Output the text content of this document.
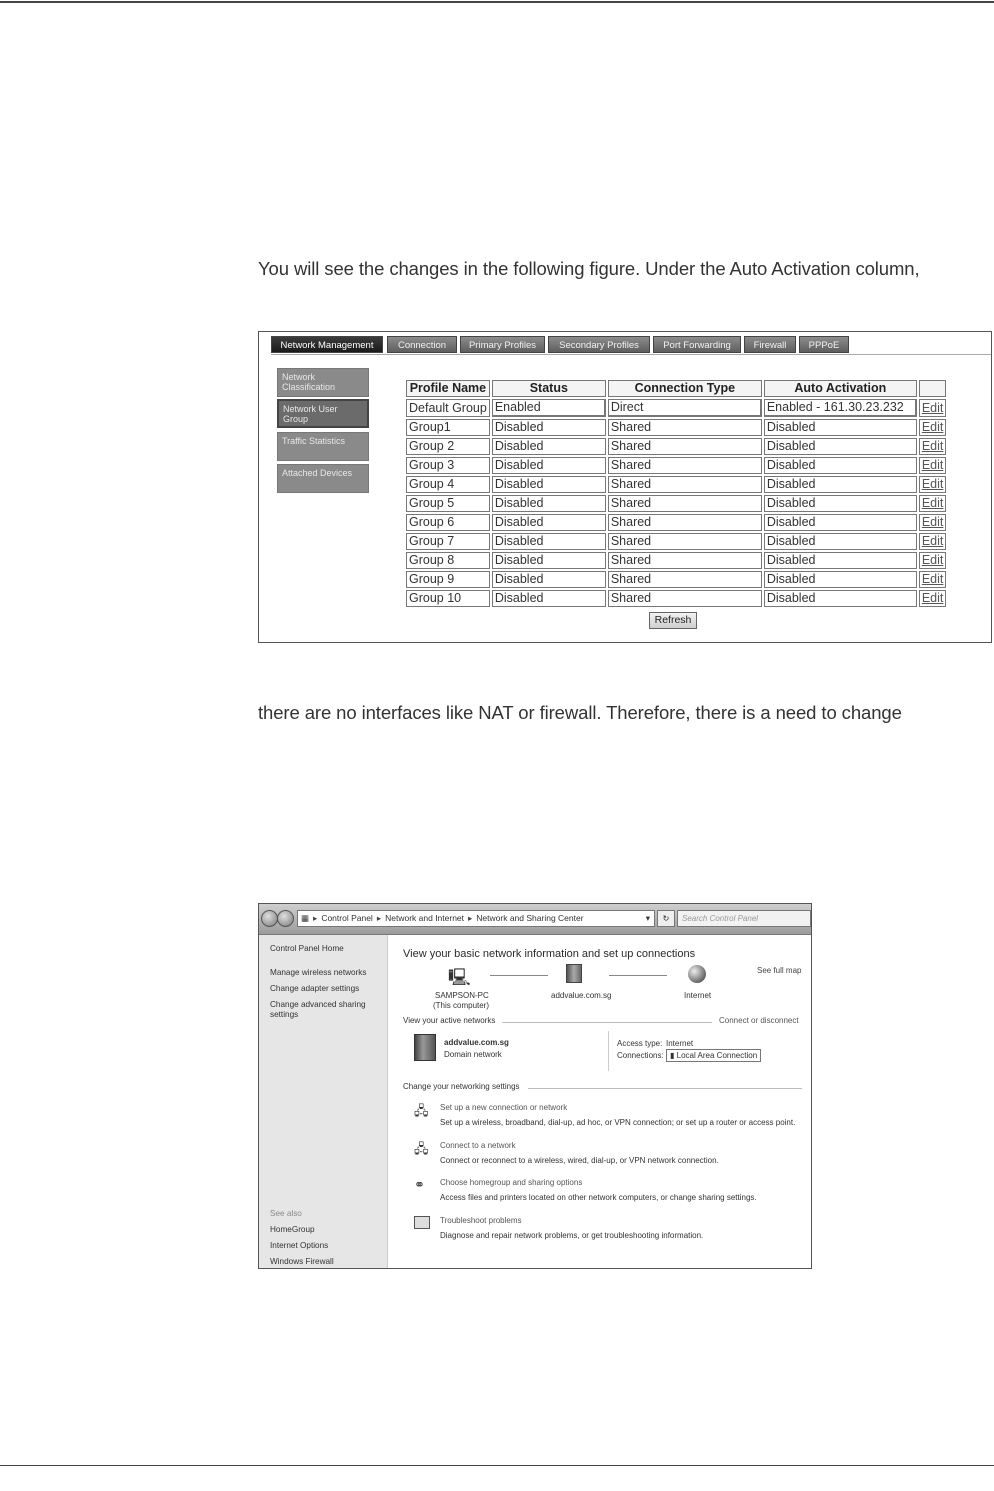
You will see the changes in the following figure. Under the Auto Activation column,
Network Management	Connection	Primary Profiles	Secondary Profiles	Port Forwarding	Firewall	PPPoE
Network Classification
Network User Group
Traffic Statistics
Attached Devices
Profile Name	Status	Connection Type	Auto Activation	
Default Group	Enabled	Direct	Enabled - 161.30.23.232	Edit
Group1	Disabled	Shared	Disabled	Edit
Group 2	Disabled	Shared	Disabled	Edit
Group 3	Disabled	Shared	Disabled	Edit
Group 4	Disabled	Shared	Disabled	Edit
Group 5	Disabled	Shared	Disabled	Edit
Group 6	Disabled	Shared	Disabled	Edit
Group 7	Disabled	Shared	Disabled	Edit
Group 8	Disabled	Shared	Disabled	Edit
Group 9	Disabled	Shared	Disabled	Edit
Group 10	Disabled	Shared	Disabled	Edit
Refresh
there are no interfaces like NAT or firewall. Therefore, there is a need to change
▦ ▸ Control Panel ▸ Network and Internet ▸ Network and Sharing Center	▾	↻	Search Control Panel
Control Panel Home
Manage wireless networks
Change adapter settings
Change advanced sharing settings
See also
HomeGroup
Internet Options
Windows Firewall
View your basic network information and set up connections
See full map
🖳
SAMPSON-PC
(This computer)
addvalue.com.sg	Internet
View your active networks	Connect or disconnect
addvalue.com.sg
Domain network
Access type: Internet
Connections: ▮ Local Area Connection
Change your networking settings
🖧 Set up a new connection or network
Set up a wireless, broadband, dial-up, ad hoc, or VPN connection; or set up a router or access point.
🖧 Connect to a network
Connect or reconnect to a wireless, wired, dial-up, or VPN network connection.
⚭ Choose homegroup and sharing options
Access files and printers located on other network computers, or change sharing settings.
Troubleshoot problems
Diagnose and repair network problems, or get troubleshooting information.
